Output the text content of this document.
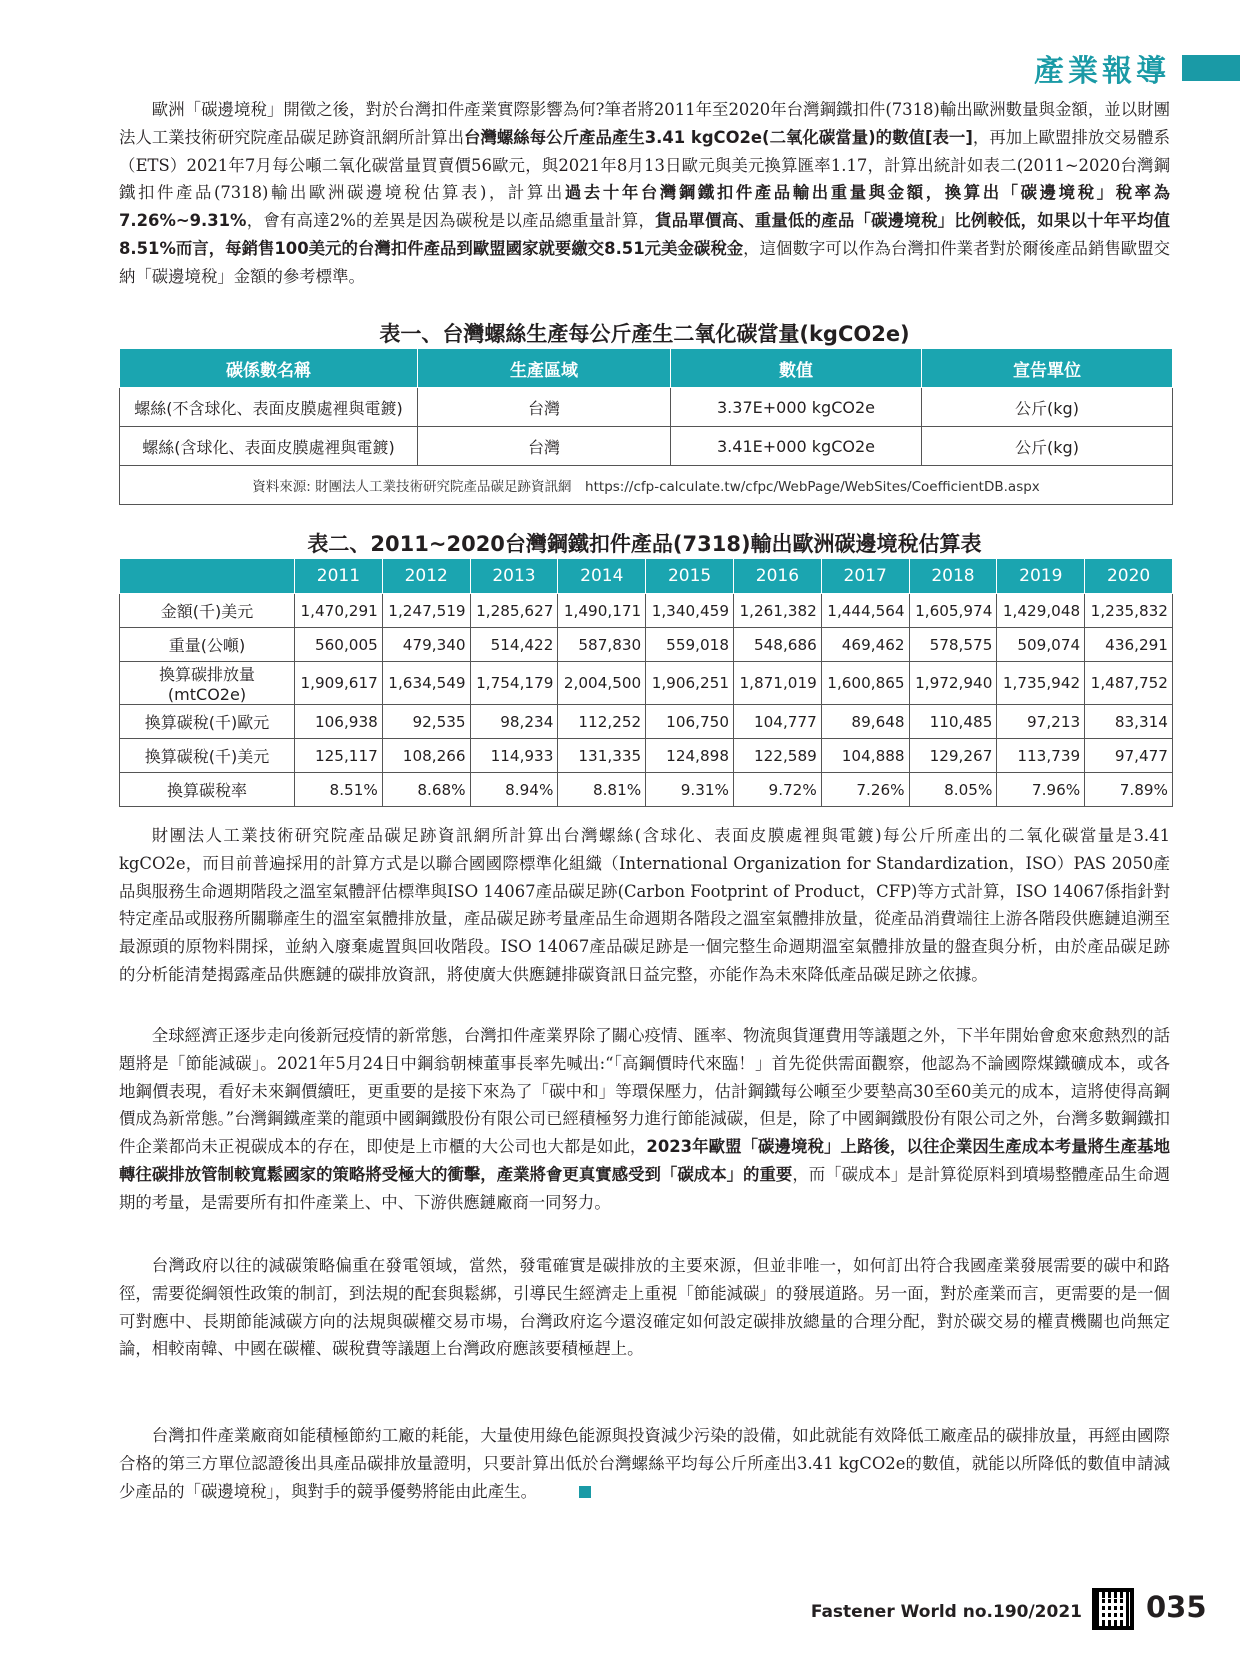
產業報導

歐洲「碳邊境稅」開徵之後，對於台灣扣件產業實際影響為何?筆者將2011年至2020年台灣鋼鐵扣件(7318)輸出歐洲數量與金額，並以財團法人工業技術研究院產品碳足跡資訊網所計算出台灣螺絲每公斤產品產生3.41 kgCO2e(二氧化碳當量)的數值[表一]，再加上歐盟排放交易體系（ETS）2021年7月每公噸二氧化碳當量買賣價56歐元，與2021年8月13日歐元與美元換算匯率1.17，計算出統計如表二(2011~2020台灣鋼鐵扣件產品(7318)輸出歐洲碳邊境稅估算表)，計算出過去十年台灣鋼鐵扣件產品輸出重量與金額，換算出「碳邊境稅」稅率為7.26%~9.31%，會有高達2%的差異是因為碳稅是以產品總重量計算，貨品單價高、重量低的產品「碳邊境稅」比例較低，如果以十年平均值8.51%而言，每銷售100美元的台灣扣件產品到歐盟國家就要繳交8.51元美金碳稅金，這個數字可以作為台灣扣件業者對於爾後產品銷售歐盟交納「碳邊境稅」金額的參考標準。

表一、台灣螺絲生產每公斤產生二氧化碳當量(kgCO2e)
碳係數名稱	生產區域	數值	宣告單位
螺絲(不含球化、表面皮膜處裡與電鍍)	台灣	3.37E+000 kgCO2e	公斤(kg)
螺絲(含球化、表面皮膜處裡與電鍍)	台灣	3.41E+000 kgCO2e	公斤(kg)
資料來源: 財團法人工業技術研究院產品碳足跡資訊網　https://cfp-calculate.tw/cfpc/WebPage/WebSites/CoefficientDB.aspx			
表二、2011~2020台灣鋼鐵扣件產品(7318)輸出歐洲碳邊境稅估算表
	2011	2012	2013	2014	2015	2016	2017	2018	2019	2020
金額(千)美元	1,470,291	1,247,519	1,285,627	1,490,171	1,340,459	1,261,382	1,444,564	1,605,974	1,429,048	1,235,832
重量(公噸)	560,005	479,340	514,422	587,830	559,018	548,686	469,462	578,575	509,074	436,291
換算碳排放量(mtCO2e)	1,909,617	1,634,549	1,754,179	2,004,500	1,906,251	1,871,019	1,600,865	1,972,940	1,735,942	1,487,752
換算碳稅(千)歐元	106,938	92,535	98,234	112,252	106,750	104,777	89,648	110,485	97,213	83,314
換算碳稅(千)美元	125,117	108,266	114,933	131,335	124,898	122,589	104,888	129,267	113,739	97,477
換算碳稅率	8.51%	8.68%	8.94%	8.81%	9.31%	9.72%	7.26%	8.05%	7.96%	7.89%

財團法人工業技術研究院產品碳足跡資訊網所計算出台灣螺絲(含球化、表面皮膜處裡與電鍍)每公斤所產出的二氧化碳當量是3.41 kgCO2e，而目前普遍採用的計算方式是以聯合國國際標準化組織（International Organization for Standardization，ISO）PAS 2050產品與服務生命週期階段之溫室氣體評估標準與ISO 14067產品碳足跡(Carbon Footprint of Product，CFP)等方式計算，ISO 14067係指針對特定產品或服務所關聯產生的溫室氣體排放量，產品碳足跡考量產品生命週期各階段之溫室氣體排放量，從產品消費端往上游各階段供應鏈追溯至最源頭的原物料開採，並納入廢棄處置與回收階段。ISO 14067產品碳足跡是一個完整生命週期溫室氣體排放量的盤查與分析，由於產品碳足跡的分析能清楚揭露產品供應鏈的碳排放資訊，將使廣大供應鏈排碳資訊日益完整，亦能作為未來降低產品碳足跡之依據。

全球經濟正逐步走向後新冠疫情的新常態，台灣扣件產業界除了關心疫情、匯率、物流與貨運費用等議題之外，下半年開始會愈來愈熱烈的話題將是「節能減碳」。2021年5月24日中鋼翁朝棟董事長率先喊出:“「高鋼價時代來臨！」首先從供需面觀察，他認為不論國際煤鐵礦成本，或各地鋼價表現，看好未來鋼價續旺，更重要的是接下來為了「碳中和」等環保壓力，估計鋼鐵每公噸至少要墊高30至60美元的成本，這將使得高鋼價成為新常態。”台灣鋼鐵產業的龍頭中國鋼鐵股份有限公司已經積極努力進行節能減碳，但是，除了中國鋼鐵股份有限公司之外，台灣多數鋼鐵扣件企業都尚未正視碳成本的存在，即使是上市櫃的大公司也大都是如此，2023年歐盟「碳邊境稅」上路後，以往企業因生產成本考量將生產基地轉往碳排放管制較寬鬆國家的策略將受極大的衝擊，產業將會更真實感受到「碳成本」的重要，而「碳成本」是計算從原料到墳場整體產品生命週期的考量，是需要所有扣件產業上、中、下游供應鏈廠商一同努力。

台灣政府以往的減碳策略偏重在發電領域，當然，發電確實是碳排放的主要來源，但並非唯一，如何訂出符合我國產業發展需要的碳中和路徑，需要從綱領性政策的制訂，到法規的配套與鬆綁，引導民生經濟走上重視「節能減碳」的發展道路。另一面，對於產業而言，更需要的是一個可對應中、長期節能減碳方向的法規與碳權交易市場，台灣政府迄今還沒確定如何設定碳排放總量的合理分配，對於碳交易的權責機關也尚無定論，相較南韓、中國在碳權、碳稅費等議題上台灣政府應該要積極趕上。

台灣扣件產業廠商如能積極節約工廠的耗能，大量使用綠色能源與投資減少污染的設備，如此就能有效降低工廠產品的碳排放量，再經由國際合格的第三方單位認證後出具產品碳排放量證明，只要計算出低於台灣螺絲平均每公斤所產出3.41 kgCO2e的數值，就能以所降低的數值申請減少產品的「碳邊境稅」，與對手的競爭優勢將能由此產生。

Fastener World no.190/2021 035
